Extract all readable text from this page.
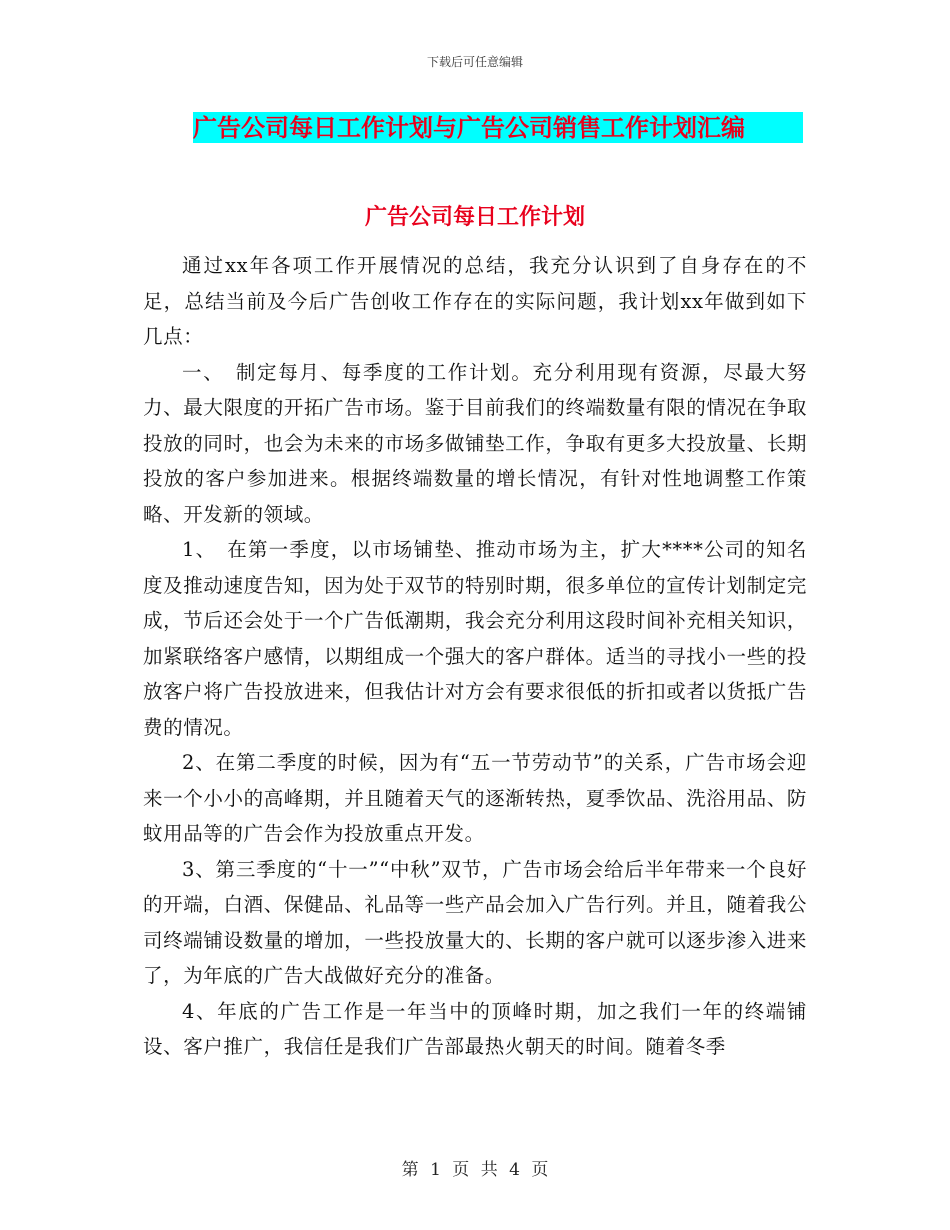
下载后可任意编辑
广告公司每日工作计划与广告公司销售工作计划汇编
广告公司每日工作计划

通过xx年各项工作开展情况的总结，我充分认识到了自身存在的不足，总结当前及今后广告创收工作存在的实际问题，我计划xx年做到如下几点：

一、　制定每月、每季度的工作计划。充分利用现有资源，尽最大努力、最大限度的开拓广告市场。鉴于目前我们的终端数量有限的情况在争取投放的同时，也会为未来的市场多做铺垫工作，争取有更多大投放量、长期投放的客户参加进来。根据终端数量的增长情况，有针对性地调整工作策略、开发新的领域。

1、　在第一季度，以市场铺垫、推动市场为主，扩大****公司的知名度及推动速度告知，因为处于双节的特别时期，很多单位的宣传计划制定完成，节后还会处于一个广告低潮期，我会充分利用这段时间补充相关知识，加紧联络客户感情，以期组成一个强大的客户群体。适当的寻找小一些的投放客户将广告投放进来，但我估计对方会有要求很低的折扣或者以货抵广告费的情况。

2、在第二季度的时候，因为有“五一节劳动节”的关系，广告市场会迎来一个小小的高峰期，并且随着天气的逐渐转热，夏季饮品、洗浴用品、防蚊用品等的广告会作为投放重点开发。

3、第三季度的“十一”“中秋”双节，广告市场会给后半年带来一个良好的开端，白酒、保健品、礼品等一些产品会加入广告行列。并且，随着我公司终端铺设数量的增加，一些投放量大的、长期的客户就可以逐步渗入进来了，为年底的广告大战做好充分的准备。

4、年底的广告工作是一年当中的顶峰时期，加之我们一年的终端铺设、客户推广，我信任是我们广告部最热火朝天的时间。随着冬季

第 1 页 共 4 页
